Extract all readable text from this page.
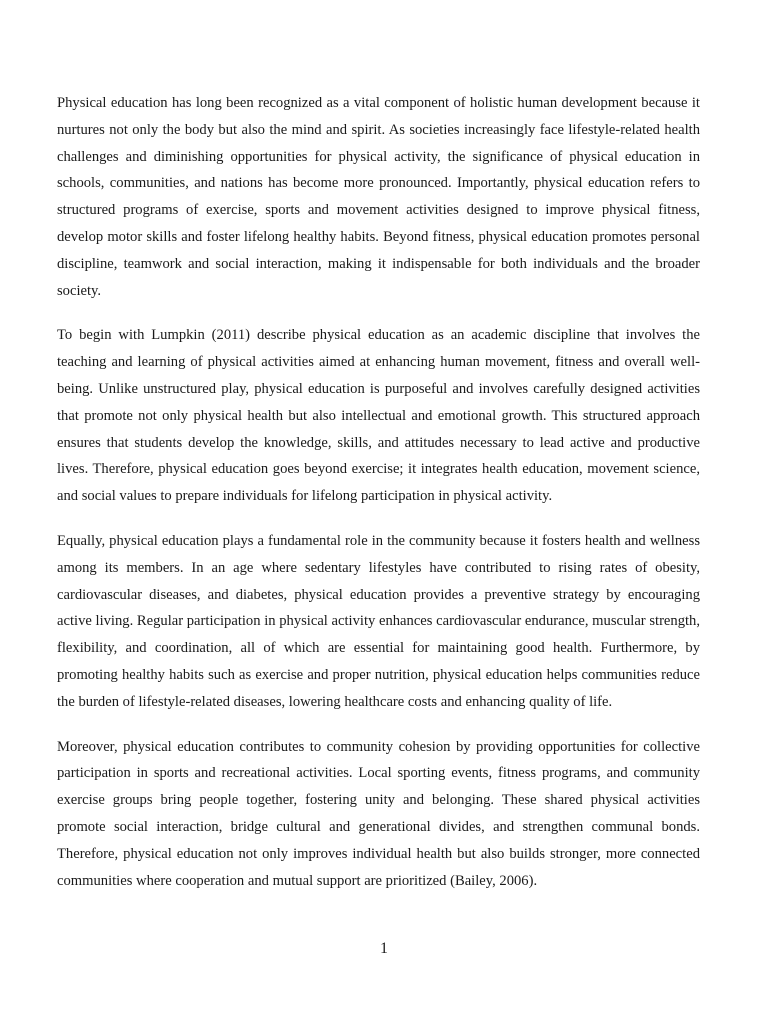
Physical education has long been recognized as a vital component of holistic human development because it nurtures not only the body but also the mind and spirit. As societies increasingly face lifestyle-related health challenges and diminishing opportunities for physical activity, the significance of physical education in schools, communities, and nations has become more pronounced. Importantly, physical education refers to structured programs of exercise, sports and movement activities designed to improve physical fitness, develop motor skills and foster lifelong healthy habits. Beyond fitness, physical education promotes personal discipline, teamwork and social interaction, making it indispensable for both individuals and the broader society.

To begin with Lumpkin (2011) describe physical education as an academic discipline that involves the teaching and learning of physical activities aimed at enhancing human movement, fitness and overall well-being. Unlike unstructured play, physical education is purposeful and involves carefully designed activities that promote not only physical health but also intellectual and emotional growth. This structured approach ensures that students develop the knowledge, skills, and attitudes necessary to lead active and productive lives. Therefore, physical education goes beyond exercise; it integrates health education, movement science, and social values to prepare individuals for lifelong participation in physical activity.

Equally, physical education plays a fundamental role in the community because it fosters health and wellness among its members. In an age where sedentary lifestyles have contributed to rising rates of obesity, cardiovascular diseases, and diabetes, physical education provides a preventive strategy by encouraging active living. Regular participation in physical activity enhances cardiovascular endurance, muscular strength, flexibility, and coordination, all of which are essential for maintaining good health. Furthermore, by promoting healthy habits such as exercise and proper nutrition, physical education helps communities reduce the burden of lifestyle-related diseases, lowering healthcare costs and enhancing quality of life.

Moreover, physical education contributes to community cohesion by providing opportunities for collective participation in sports and recreational activities. Local sporting events, fitness programs, and community exercise groups bring people together, fostering unity and belonging. These shared physical activities promote social interaction, bridge cultural and generational divides, and strengthen communal bonds. Therefore, physical education not only improves individual health but also builds stronger, more connected communities where cooperation and mutual support are prioritized (Bailey, 2006).

1
